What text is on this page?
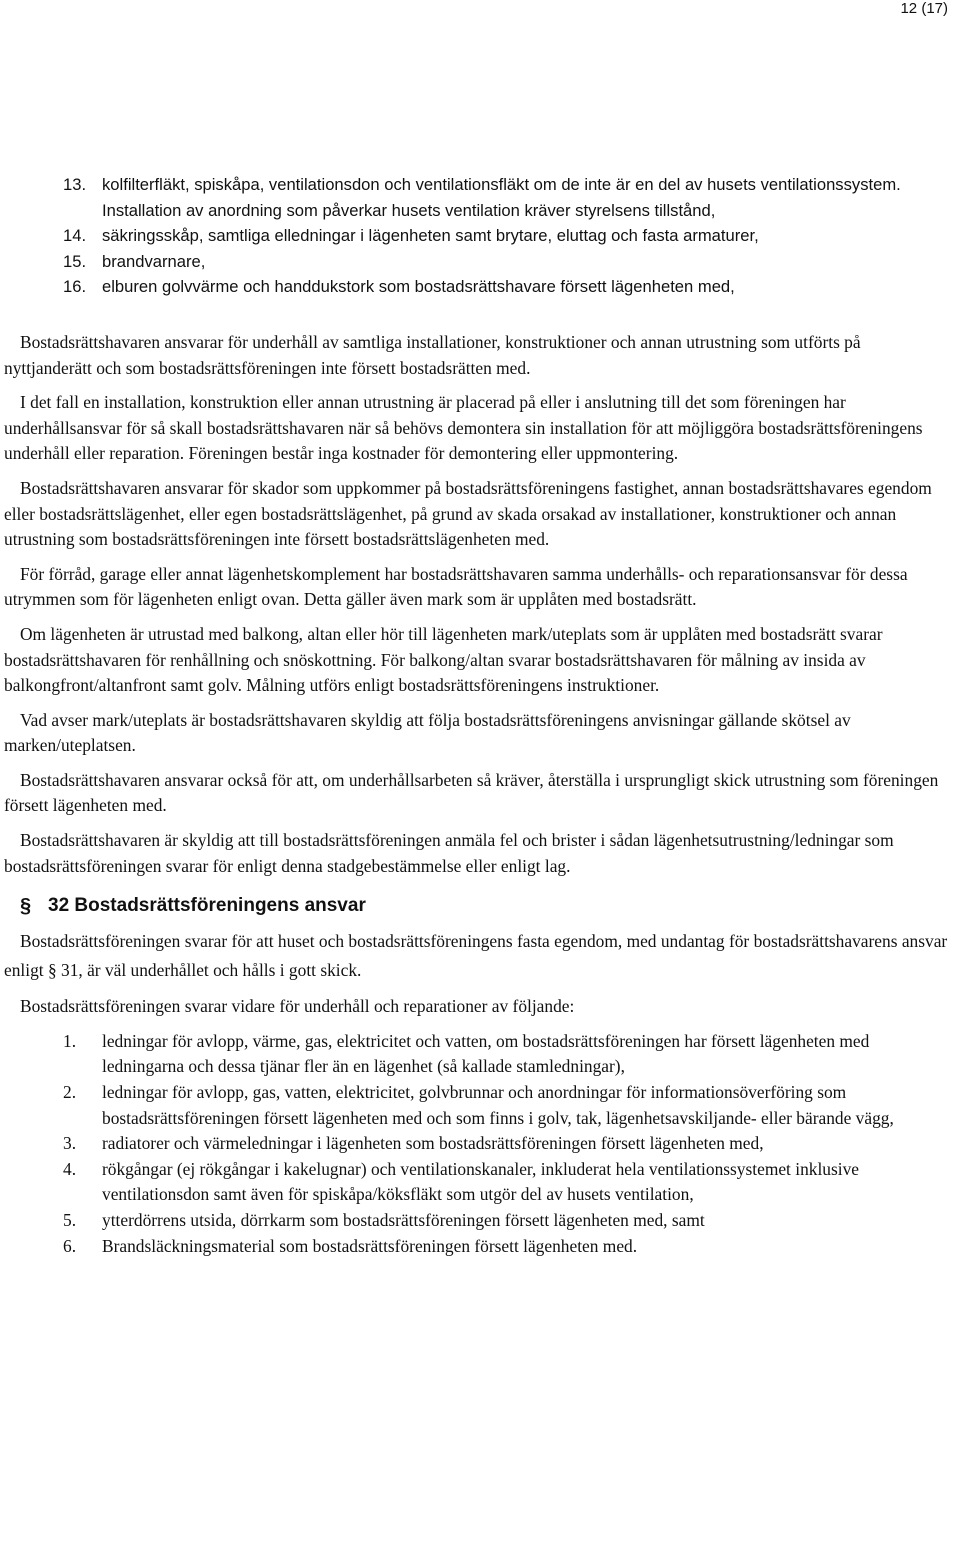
12 (17)
13. kolfilterfläkt, spiskåpa, ventilationsdon och ventilationsfläkt om de inte är en del av husets ventilationssystem. Installation av anordning som påverkar husets ventilation kräver styrelsens tillstånd,
14. säkringsskåp, samtliga elledningar i lägenheten samt brytare, eluttag och fasta armaturer,
15. brandvarnare,
16. elburen golvvärme och handdukstork som bostadsrättshavare försett lägenheten med,

Bostadsrättshavaren ansvarar för underhåll av samtliga installationer, konstruktioner och annan utrustning som utförts på nyttjanderätt och som bostadsrättsföreningen inte försett bostadsrätten med.

I det fall en installation, konstruktion eller annan utrustning är placerad på eller i anslutning till det som föreningen har underhållsansvar för så skall bostadsrättshavaren när så behövs demontera sin installation för att möjliggöra bostadsrättsföreningens underhåll eller reparation. Föreningen består inga kostnader för demontering eller uppmontering.

Bostadsrättshavaren ansvarar för skador som uppkommer på bostadsrättsföreningens fastighet, annan bostadsrättshavares egendom eller bostadsrättslägenhet, eller egen bostadsrättslägenhet, på grund av skada orsakad av installationer, konstruktioner och annan utrustning som bostadsrättsföreningen inte försett bostadsrättslägenheten med.

För förråd, garage eller annat lägenhetskomplement har bostadsrättshavaren samma underhålls- och reparationsansvar för dessa utrymmen som för lägenheten enligt ovan. Detta gäller även mark som är upplåten med bostadsrätt.

Om lägenheten är utrustad med balkong, altan eller hör till lägenheten mark/uteplats som är upplåten med bostadsrätt svarar bostadsrättshavaren för renhållning och snöskottning. För balkong/altan svarar bostadsrättshavaren för målning av insida av balkongfront/altanfront samt golv. Målning utförs enligt bostadsrättsföreningens instruktioner.

Vad avser mark/uteplats är bostadsrättshavaren skyldig att följa bostadsrättsföreningens anvisningar gällande skötsel av marken/uteplatsen.

Bostadsrättshavaren ansvarar också för att, om underhållsarbeten så kräver, återställa i ursprungligt skick utrustning som föreningen försett lägenheten med.

Bostadsrättshavaren är skyldig att till bostadsrättsföreningen anmäla fel och brister i sådan lägenhetsutrustning/ledningar som bostadsrättsföreningen svarar för enligt denna stadgebestämmelse eller enligt lag.

§ 32 Bostadsrättsföreningens ansvar

Bostadsrättsföreningen svarar för att huset och bostadsrättsföreningens fasta egendom, med undantag för bostadsrättshavarens ansvar enligt § 31, är väl underhållet och hålls i gott skick.

Bostadsrättsföreningen svarar vidare för underhåll och reparationer av följande:

1. ledningar för avlopp, värme, gas, elektricitet och vatten, om bostadsrättsföreningen har försett lägenheten med ledningarna och dessa tjänar fler än en lägenhet (så kallade stamledningar),
2. ledningar för avlopp, gas, vatten, elektricitet, golvbrunnar och anordningar för informationsöverföring som bostadsrättsföreningen försett lägenheten med och som finns i golv, tak, lägenhetsavskiljande- eller bärande vägg,
3. radiatorer och värmeledningar i lägenheten som bostadsrättsföreningen försett lägenheten med,
4. rökgångar (ej rökgångar i kakelugnar) och ventilationskanaler, inkluderat hela ventilationssystemet inklusive ventilationsdon samt även för spiskåpa/köksfläkt som utgör del av husets ventilation,
5. ytterdörrens utsida, dörrkarm som bostadsrättsföreningen försett lägenheten med, samt
6. Brandsläckningsmaterial som bostadsrättsföreningen försett lägenheten med.
